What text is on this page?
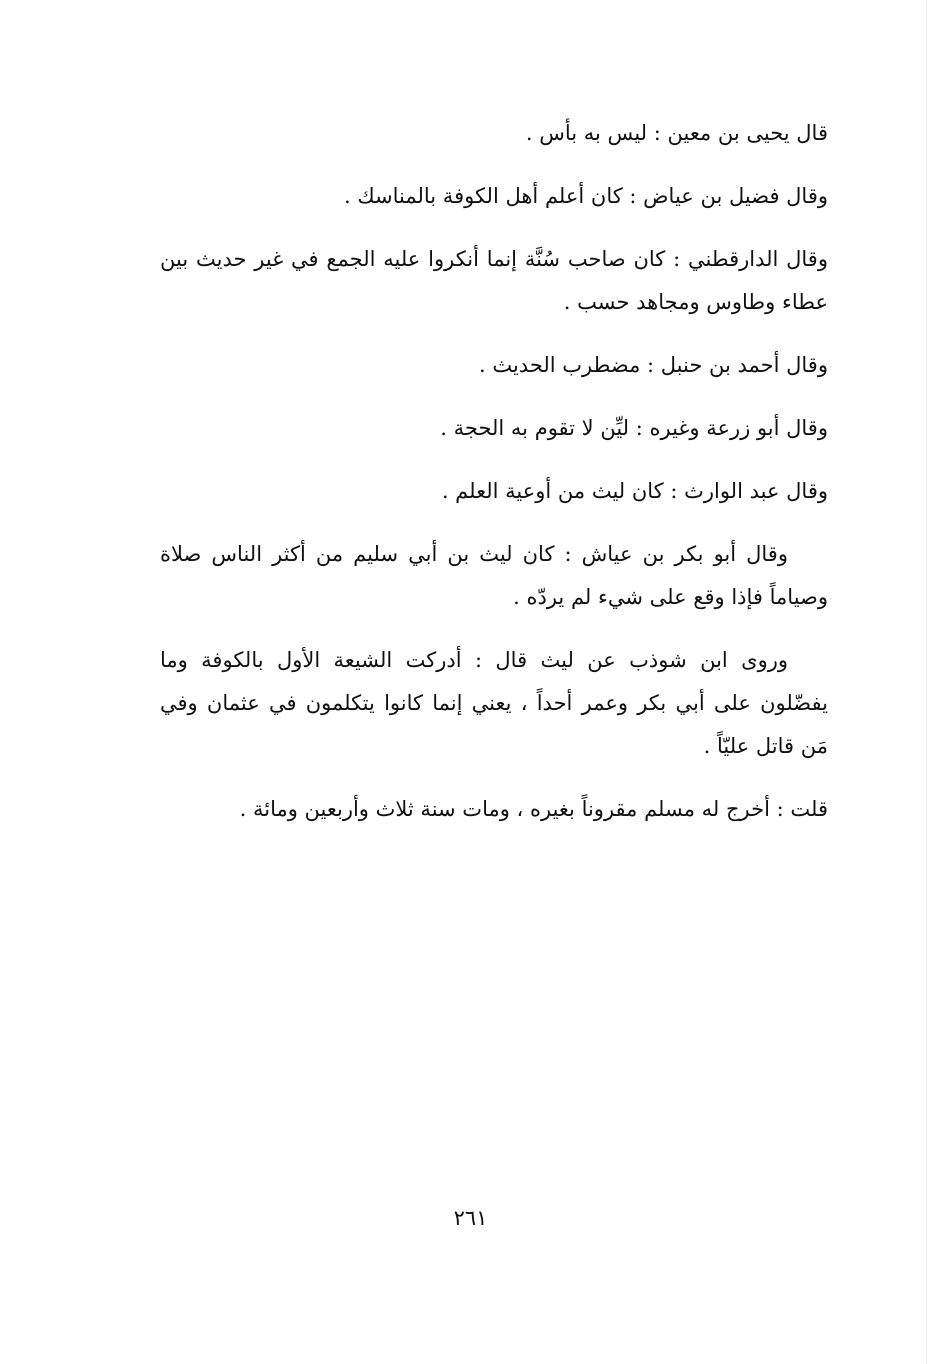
قال يحيى بن معين : ليس به بأس .

وقال فضيل بن عياض : كان أعلم أهل الكوفة بالمناسك .

وقال الدارقطني : كان صاحب سُنَّة إنما أنكروا عليه الجمع في غير حديث بين عطاء وطاوس ومجاهد حسب .

وقال أحمد بن حنبل : مضطرب الحديث .

وقال أبو زرعة وغيره : ليِّن لا تقوم به الحجة .

وقال عبد الوارث : كان ليث من أوعية العلم .

وقال أبو بكر بن عياش : كان ليث بن أبي سليم من أكثر الناس صلاة وصياماً فإذا وقع على شيء لم يردّه .

وروى ابن شوذب عن ليث قال : أدركت الشيعة الأول بالكوفة وما يفضّلون على أبي بكر وعمر أحداً ، يعني إنما كانوا يتكلمون في عثمان وفي مَن قاتل عليّاً .

قلت : أخرج له مسلم مقروناً بغيره ، ومات سنة ثلاث وأربعين ومائة .

٢٦١
